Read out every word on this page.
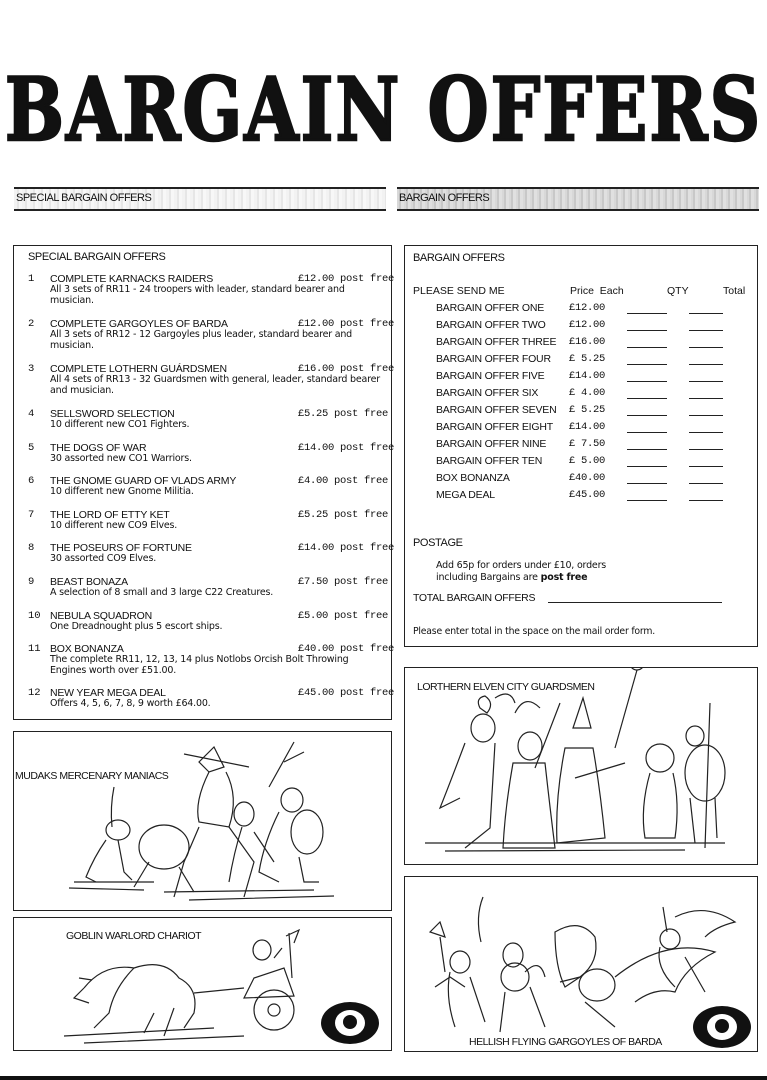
BARGAIN OFFERS
SPECIAL BARGAIN OFFERS	BARGAIN OFFERS
SPECIAL BARGAIN OFFERS
1 COMPLETE KARNACKS RAIDERS	£12.00 post free
All 3 sets of RR11 - 24 troopers with leader, standard bearer and musician.
2 COMPLETE GARGOYLES OF BARDA	£12.00 post free
All 3 sets of RR12 - 12 Gargoyles plus leader, standard bearer and musician.
3 COMPLETE LOTHERN GUÁRDSMEN	£16.00 post free
All 4 sets of RR13 - 32 Guardsmen with general, leader, standard bearer and musician.
4 SELLSWORD SELECTION	£5.25 post free
10 different new CO1 Fighters.
5 THE DOGS OF WAR	£14.00 post free
30 assorted new CO1 Warriors.
6 THE GNOME GUARD OF VLADS ARMY	£4.00 post free
10 different new Gnome Militia.
7 THE LORD OF ETTY KET	£5.25 post free
10 different new CO9 Elves.
8 THE POSEURS OF FORTUNE	£14.00 post free
30 assorted CO9 Elves.
9 BEAST BONAZA	£7.50 post free
A selection of 8 small and 3 large C22 Creatures.
10 NEBULA SQUADRON	£5.00 post free
One Dreadnought plus 5 escort ships.
11 BOX BONANZA	£40.00 post free
The complete RR11, 12, 13, 14 plus Notlobs Orcish Bolt Throwing Engines worth over £51.00.
12 NEW YEAR MEGA DEAL	£45.00 post free
Offers 4, 5, 6, 7, 8, 9 worth £64.00.
BARGAIN OFFERS
PLEASE SEND ME	Price  Each	QTY	Total
BARGAIN OFFER ONE £12.00
BARGAIN OFFER TWO £12.00
BARGAIN OFFER THREE £16.00
BARGAIN OFFER FOUR £ 5.25
BARGAIN OFFER FIVE £14.00
BARGAIN OFFER SIX	£ 4.00
BARGAIN OFFER SEVEN £ 5.25
BARGAIN OFFER EIGHT £14.00
BARGAIN OFFER NINE £ 7.50
BARGAIN OFFER TEN	£ 5.00
BOX BONANZA	£40.00
MEGA DEAL	£45.00
POSTAGE
Add 65p for orders under £10, orders
including Bargains are post free
TOTAL BARGAIN OFFERS
Please enter total in the space on the mail order form.
MUDAKS MERCENARY MANIACS
GOBLIN WARLORD CHARIOT
LORTHERN ELVEN CITY GUARDSMEN
HELLISH FLYING GARGOYLES OF BARDA
